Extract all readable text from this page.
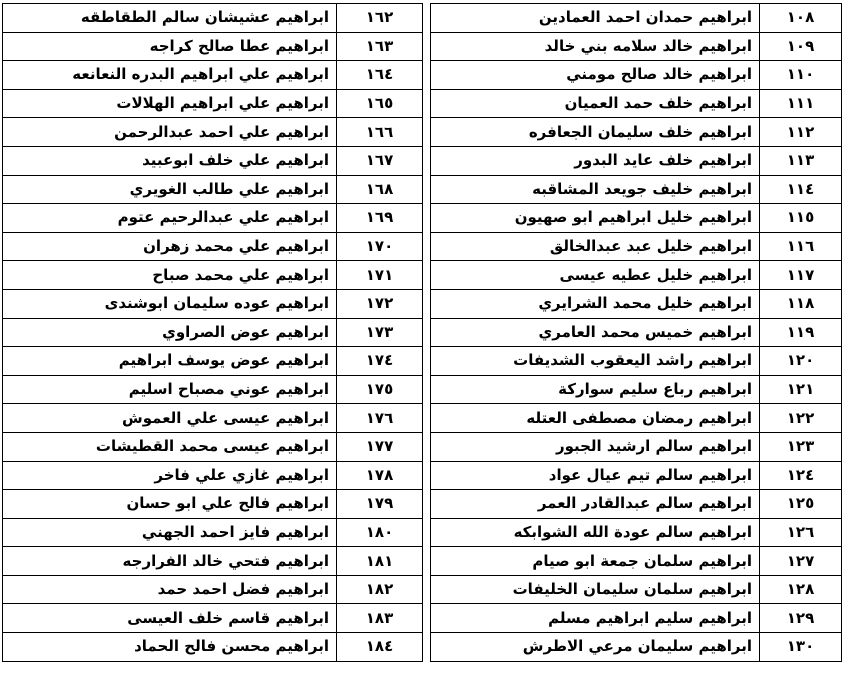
١٠٨	ابراهيم حمدان احمد العمادين
١٠٩	ابراهيم خالد سلامه بني خالد
١١٠	ابراهيم خالد صالح مومني
١١١	ابراهيم خلف حمد العميان
١١٢	ابراهيم خلف سليمان الجعافره
١١٣	ابراهيم خلف عايد البدور
١١٤	ابراهيم خليف جويعد المشاقبه
١١٥	ابراهيم خليل ابراهيم ابو صهيون
١١٦	ابراهيم خليل عبد عبدالخالق
١١٧	ابراهيم خليل عطيه عيسى
١١٨	ابراهيم خليل محمد الشرايري
١١٩	ابراهيم خميس محمد العامري
١٢٠	ابراهيم راشد اليعقوب الشديفات
١٢١	ابراهيم رباع سليم سواركة
١٢٢	ابراهيم رمضان مصطفى العتله
١٢٣	ابراهيم سالم ارشيد الجبور
١٢٤	ابراهيم سالم تيم عيال عواد
١٢٥	ابراهيم سالم عبدالقادر العمر
١٢٦	ابراهيم سالم عودة الله الشوابكه
١٢٧	ابراهيم سلمان جمعة ابو صيام
١٢٨	ابراهيم سلمان سليمان الخليفات
١٢٩	ابراهيم سليم ابراهيم مسلم
١٣٠	ابراهيم سليمان مرعي الاطرش
١٦٢	ابراهيم عشيشان سالم الطقاطقه
١٦٣	ابراهيم عطا صالح كراجه
١٦٤	ابراهيم علي ابراهيم البدره النعانعه
١٦٥	ابراهيم علي ابراهيم الهلالات
١٦٦	ابراهيم علي احمد عبدالرحمن
١٦٧	ابراهيم علي خلف ابوعبيد
١٦٨	ابراهيم علي طالب الغويري
١٦٩	ابراهيم علي عبدالرحيم عتوم
١٧٠	ابراهيم علي محمد زهران
١٧١	ابراهيم علي محمد صباح
١٧٢	ابراهيم عوده سليمان ابوشندى
١٧٣	ابراهيم عوض الصراوي
١٧٤	ابراهيم عوض يوسف ابراهيم
١٧٥	ابراهيم عوني مصباح اسليم
١٧٦	ابراهيم عيسى علي العموش
١٧٧	ابراهيم عيسى محمد القطيشات
١٧٨	ابراهيم غازي علي فاخر
١٧٩	ابراهيم فالح علي ابو حسان
١٨٠	ابراهيم فايز احمد الجهني
١٨١	ابراهيم فتحي خالد الفرارجه
١٨٢	ابراهيم فضل احمد حمد
١٨٣	ابراهيم قاسم خلف العيسى
١٨٤	ابراهيم محسن فالح الحماد
